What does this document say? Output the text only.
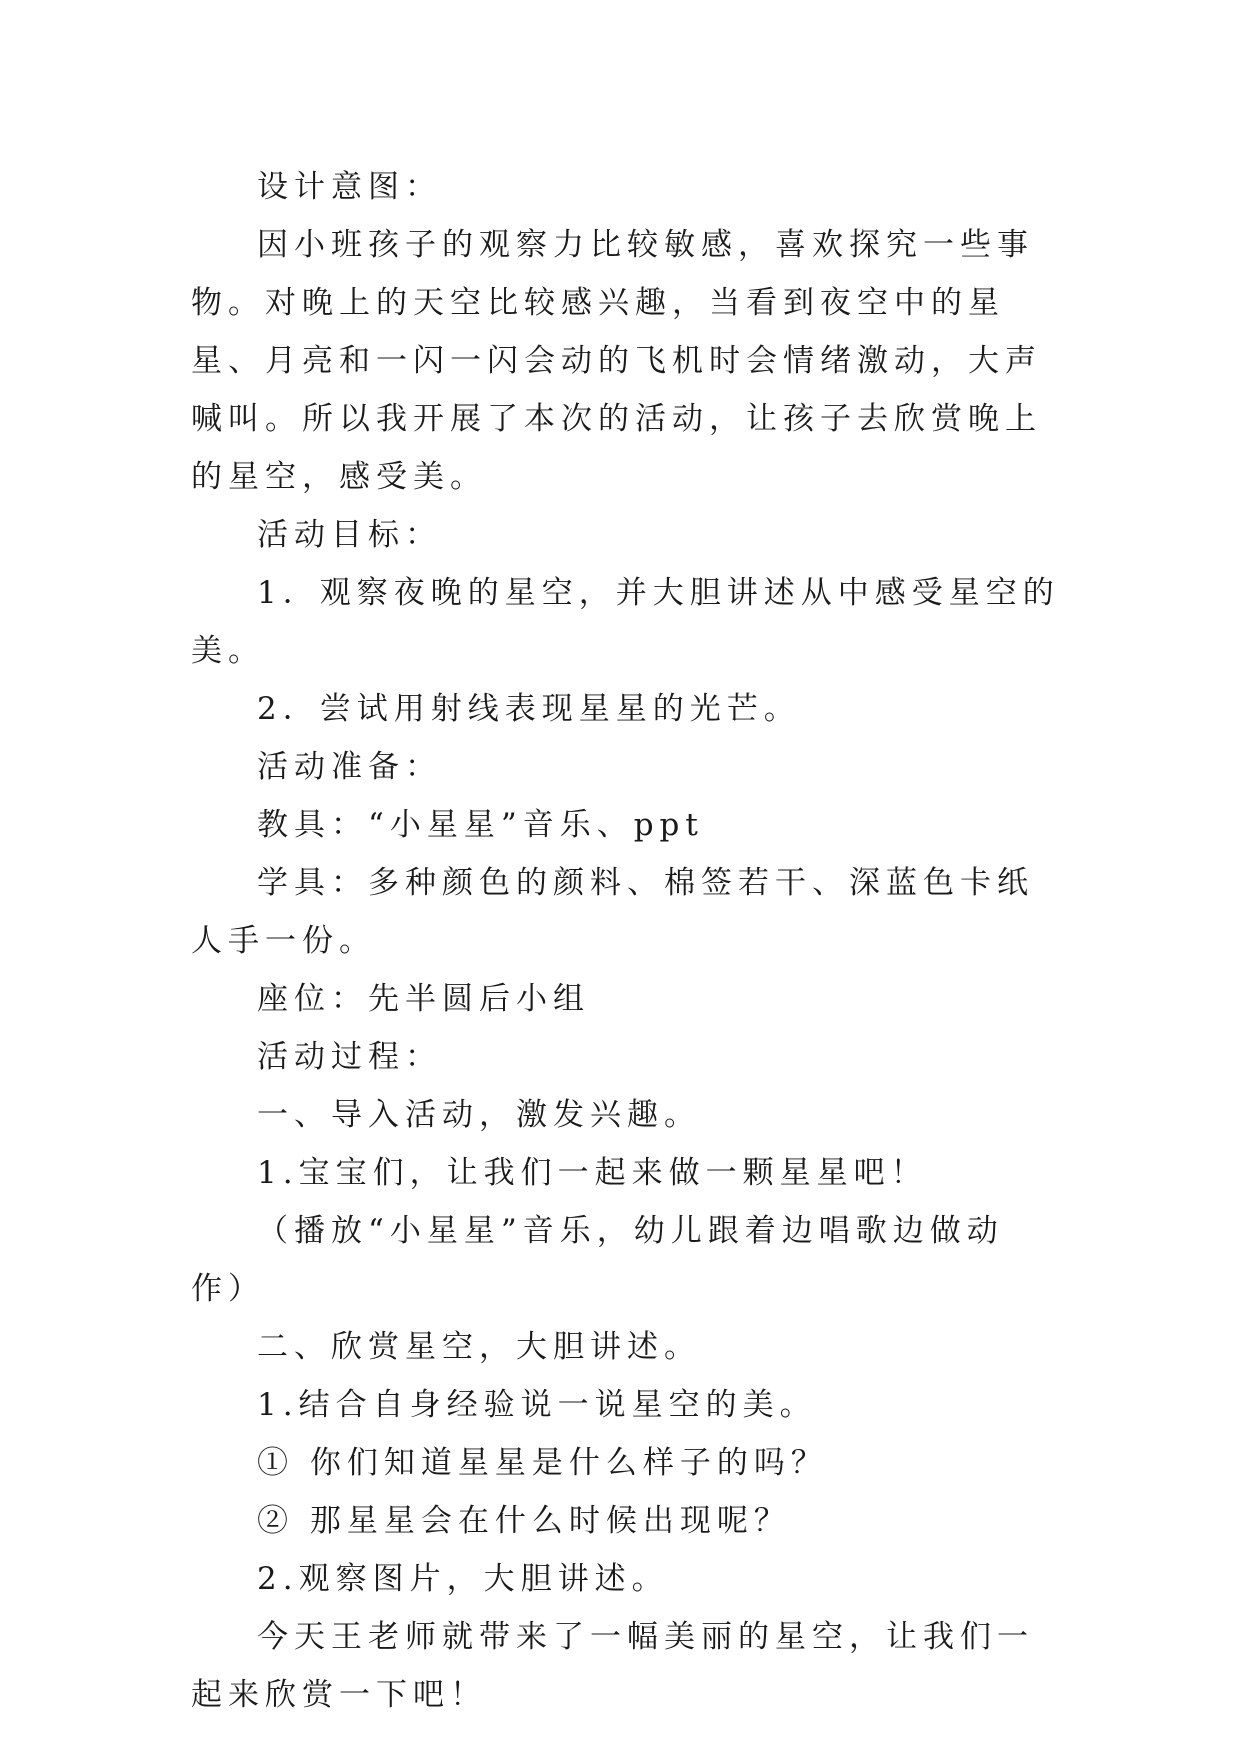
设计意图：

因小班孩子的观察力比较敏感，喜欢探究一些事物。对晚上的天空比较感兴趣，当看到夜空中的星星、月亮和一闪一闪会动的飞机时会情绪激动，大声喊叫。所以我开展了本次的活动，让孩子去欣赏晚上的星空，感受美。

活动目标：

1．观察夜晚的星空，并大胆讲述从中感受星空的美。

2．尝试用射线表现星星的光芒。

活动准备：

教具：“小星星”音乐、ppt

学具：多种颜色的颜料、棉签若干、深蓝色卡纸人手一份。

座位：先半圆后小组

活动过程：

一、导入活动，激发兴趣。

1.宝宝们，让我们一起来做一颗星星吧！

（播放“小星星”音乐，幼儿跟着边唱歌边做动作）

二、欣赏星空，大胆讲述。

1.结合自身经验说一说星空的美。

① 你们知道星星是什么样子的吗？

② 那星星会在什么时候出现呢？

2.观察图片，大胆讲述。

今天王老师就带来了一幅美丽的星空，让我们一起来欣赏一下吧！
